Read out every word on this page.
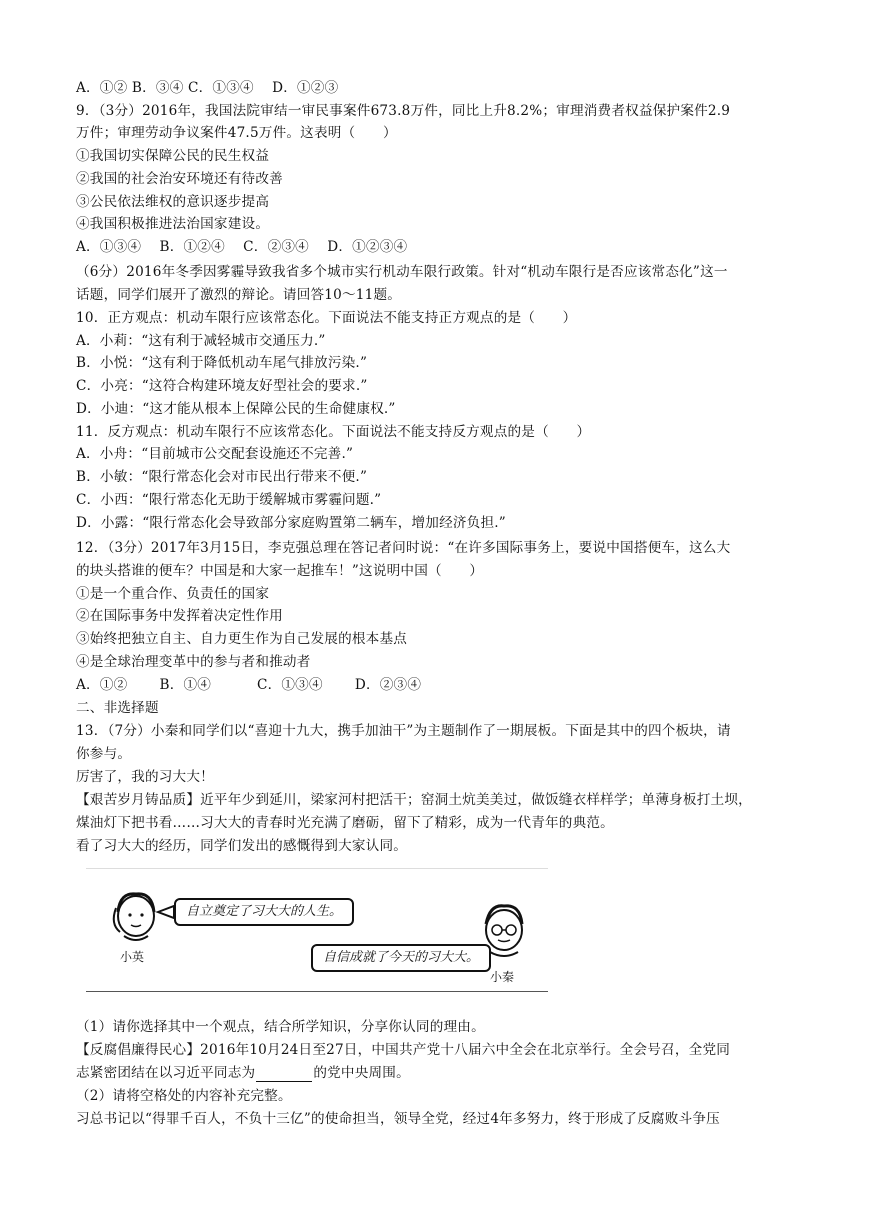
A．①② B．③④ C．①③④　 D．①②③
9．（3分）2016年，我国法院审结一审民事案件673.8万件，同比上升8.2%；审理消费者权益保护案件2.9
万件；审理劳动争议案件47.5万件。这表明（　　）
①我国切实保障公民的民生权益
②我国的社会治安环境还有待改善
③公民依法维权的意识逐步提高
④我国积极推进法治国家建设。
A．①③④　 B．①②④　 C．②③④　 D．①②③④
（6分）2016年冬季因雾霾导致我省多个城市实行机动车限行政策。针对“机动车限行是否应该常态化”这一
话题，同学们展开了激烈的辩论。请回答10～11题。
10．正方观点：机动车限行应该常态化。下面说法不能支持正方观点的是（　　）
A．小莉：“这有利于减轻城市交通压力.”
B．小悦：“这有利于降低机动车尾气排放污染.”
C．小亮：“这符合构建环境友好型社会的要求.”
D．小迪：“这才能从根本上保障公民的生命健康权.”
11．反方观点：机动车限行不应该常态化。下面说法不能支持反方观点的是（　　）
A．小舟：“目前城市公交配套设施还不完善.”
B．小敏：“限行常态化会对市民出行带来不便.”
C．小西：“限行常态化无助于缓解城市雾霾问题.”
D．小露：“限行常态化会导致部分家庭购置第二辆车，增加经济负担.”
12．（3分）2017年3月15日，李克强总理在答记者问时说：“在许多国际事务上，要说中国搭便车，这么大
的块头搭谁的便车？中国是和大家一起推车！”这说明中国（　　）
①是一个重合作、负责任的国家
②在国际事务中发挥着决定性作用
③始终把独立自主、自力更生作为自己发展的根本基点
④是全球治理变革中的参与者和推动者
A．①②　　 B．①④　　　 C．①③④　　 D．②③④
二、非选择题
13．（7分）小秦和同学们以“喜迎十九大，携手加油干”为主题制作了一期展板。下面是其中的四个板块，请
你参与。
厉害了，我的习大大！
【艰苦岁月铸品质】近平年少到延川，梁家河村把活干；窑洞土炕美美过，做饭缝衣样样学；单薄身板打土坝，
煤油灯下把书看……习大大的青春时光充满了磨砺，留下了精彩，成为一代青年的典范。
看了习大大的经历，同学们发出的感慨得到大家认同。
自立奠定了习大大的人生。
自信成就了今天的习大大。
小英
小秦
（1）请你选择其中一个观点，结合所学知识，分享你认同的理由。
【反腐倡廉得民心】2016年10月24日至27日，中国共产党十八届六中全会在北京举行。全会号召，全党同
志紧密团结在以习近平同志为	的党中央周围。
（2）请将空格处的内容补充完整。
习总书记以“得罪千百人，不负十三亿”的使命担当，领导全党，经过4年多努力，终于形成了反腐败斗争压
